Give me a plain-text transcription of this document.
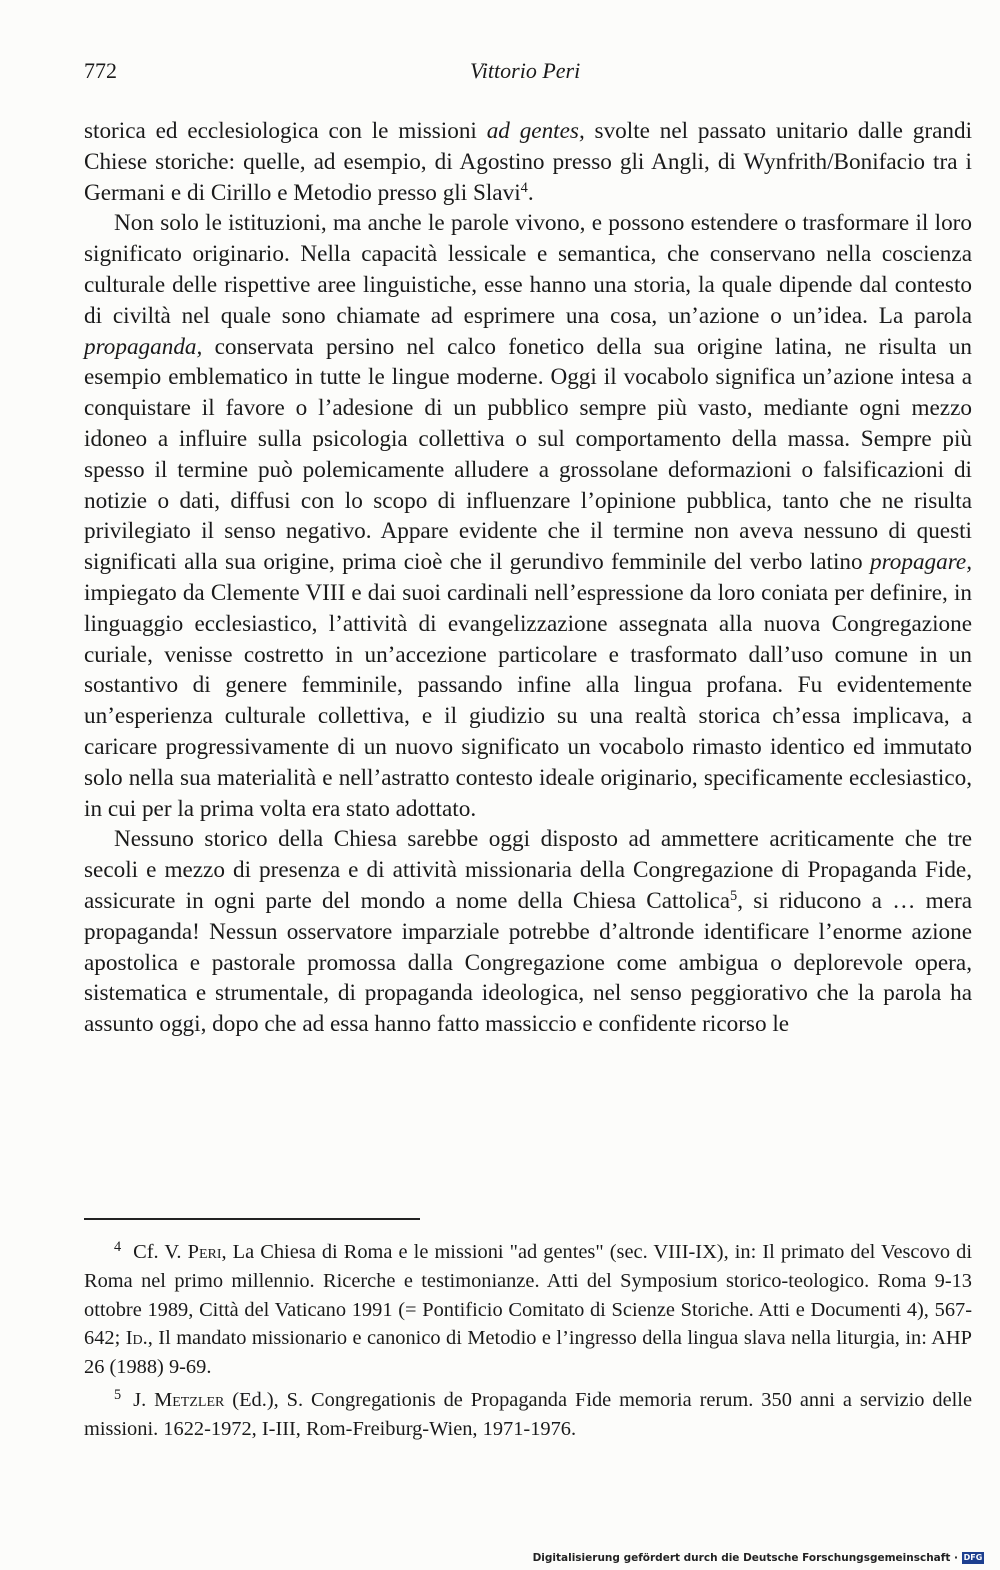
772	Vittorio Peri

storica ed ecclesiologica con le missioni ad gentes, svolte nel passato unitario dalle grandi Chiese storiche: quelle, ad esempio, di Agostino presso gli Angli, di Wynfrith/Bonifacio tra i Germani e di Cirillo e Metodio presso gli Slavi$^4$.

Non solo le istituzioni, ma anche le parole vivono, e possono estendere o trasformare il loro significato originario. Nella capacità lessicale e semantica, che conservano nella coscienza culturale delle rispettive aree linguistiche, esse hanno una storia, la quale dipende dal contesto di civiltà nel quale sono chiamate ad esprimere una cosa, un’azione o un’idea. La parola propaganda, conservata persino nel calco fonetico della sua origine latina, ne risulta un esempio emblematico in tutte le lingue moderne. Oggi il vocabolo significa un’azione intesa a conquistare il favore o l’adesione di un pubblico sempre più vasto, mediante ogni mezzo idoneo a influire sulla psicologia collettiva o sul comportamento della massa. Sempre più spesso il termine può polemicamente alludere a grossolane deformazioni o falsificazioni di notizie o dati, diffusi con lo scopo di influenzare l’opinione pubblica, tanto che ne risulta privilegiato il senso negativo. Appare evidente che il termine non aveva nessuno di questi significati alla sua origine, prima cioè che il gerundivo femminile del verbo latino propagare, impiegato da Clemente VIII e dai suoi cardinali nell’espressione da loro coniata per definire, in linguaggio ecclesiastico, l’attività di evangelizzazione assegnata alla nuova Congregazione curiale, venisse costretto in un’accezione particolare e trasformato dall’uso comune in un sostantivo di genere femminile, passando infine alla lingua profana. Fu evidentemente un’esperienza culturale collettiva, e il giudizio su una realtà storica ch’essa implicava, a caricare progressivamente di un nuovo significato un vocabolo rimasto identico ed immutato solo nella sua materialità e nell’astratto contesto ideale originario, specificamente ecclesiastico, in cui per la prima volta era stato adottato.

Nessuno storico della Chiesa sarebbe oggi disposto ad ammettere acriticamente che tre secoli e mezzo di presenza e di attività missionaria della Congregazione di Propaganda Fide, assicurate in ogni parte del mondo a nome della Chiesa Cattolica$^5$, si riducono a … mera propaganda! Nessun osservatore imparziale potrebbe d’altronde identificare l’enorme azione apostolica e pastorale promossa dalla Congregazione come ambigua o deplorevole opera, sistematica e strumentale, di propaganda ideologica, nel senso peggiorativo che la parola ha assunto oggi, dopo che ad essa hanno fatto massiccio e confidente ricorso le

$^4$ Cf. V. Peri, La Chiesa di Roma e le missioni "ad gentes" (sec. VIII-IX), in: Il primato del Vescovo di Roma nel primo millennio. Ricerche e testimonianze. Atti del Symposium storico-teologico. Roma 9-13 ottobre 1989, Città del Vaticano 1991 (= Pontificio Comitato di Scienze Storiche. Atti e Documenti 4), 567-642; Id., Il mandato missionario e canonico di Metodio e l’ingresso della lingua slava nella liturgia, in: AHP 26 (1988) 9-69.

$^5$ J. Metzler (Ed.), S. Congregationis de Propaganda Fide memoria rerum. 350 anni a servizio delle missioni. 1622-1972, I-III, Rom-Freiburg-Wien, 1971-1976.

Digitalisierung gefördert durch die Deutsche Forschungsgemeinschaft · DFG
